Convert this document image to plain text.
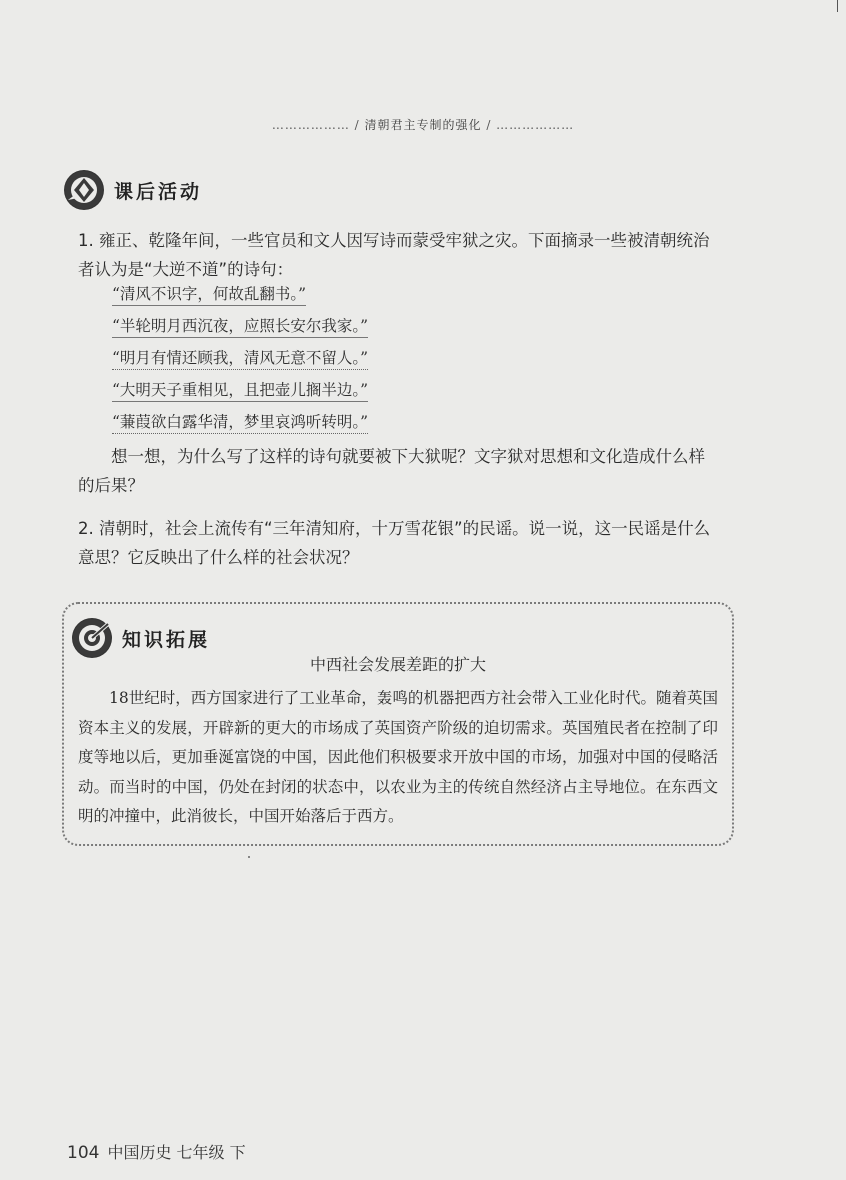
……………… / 清朝君主专制的强化 / ………………
课后活动
1. 雍正、乾隆年间，一些官员和文人因写诗而蒙受牢狱之灾。下面摘录一些被清朝统治者认为是“大逆不道”的诗句：
“清风不识字，何故乱翻书。”
“半轮明月西沉夜，应照长安尔我家。”
“明月有情还顾我，清风无意不留人。”
“大明天子重相见，且把壶儿搁半边。”
“蒹葭欲白露华清，梦里哀鸿听转明。”
想一想，为什么写了这样的诗句就要被下大狱呢？文字狱对思想和文化造成什么样的后果？
2. 清朝时，社会上流传有“三年清知府，十万雪花银”的民谣。说一说，这一民谣是什么意思？它反映出了什么样的社会状况？
知识拓展
中西社会发展差距的扩大
18世纪时，西方国家进行了工业革命，轰鸣的机器把西方社会带入工业化时代。随着英国资本主义的发展，开辟新的更大的市场成了英国资产阶级的迫切需求。英国殖民者在控制了印度等地以后，更加垂涎富饶的中国，因此他们积极要求开放中国的市场，加强对中国的侵略活动。而当时的中国，仍处在封闭的状态中，以农业为主的传统自然经济占主导地位。在东西文明的冲撞中，此消彼长，中国开始落后于西方。
104 中国历史 七年级 下
